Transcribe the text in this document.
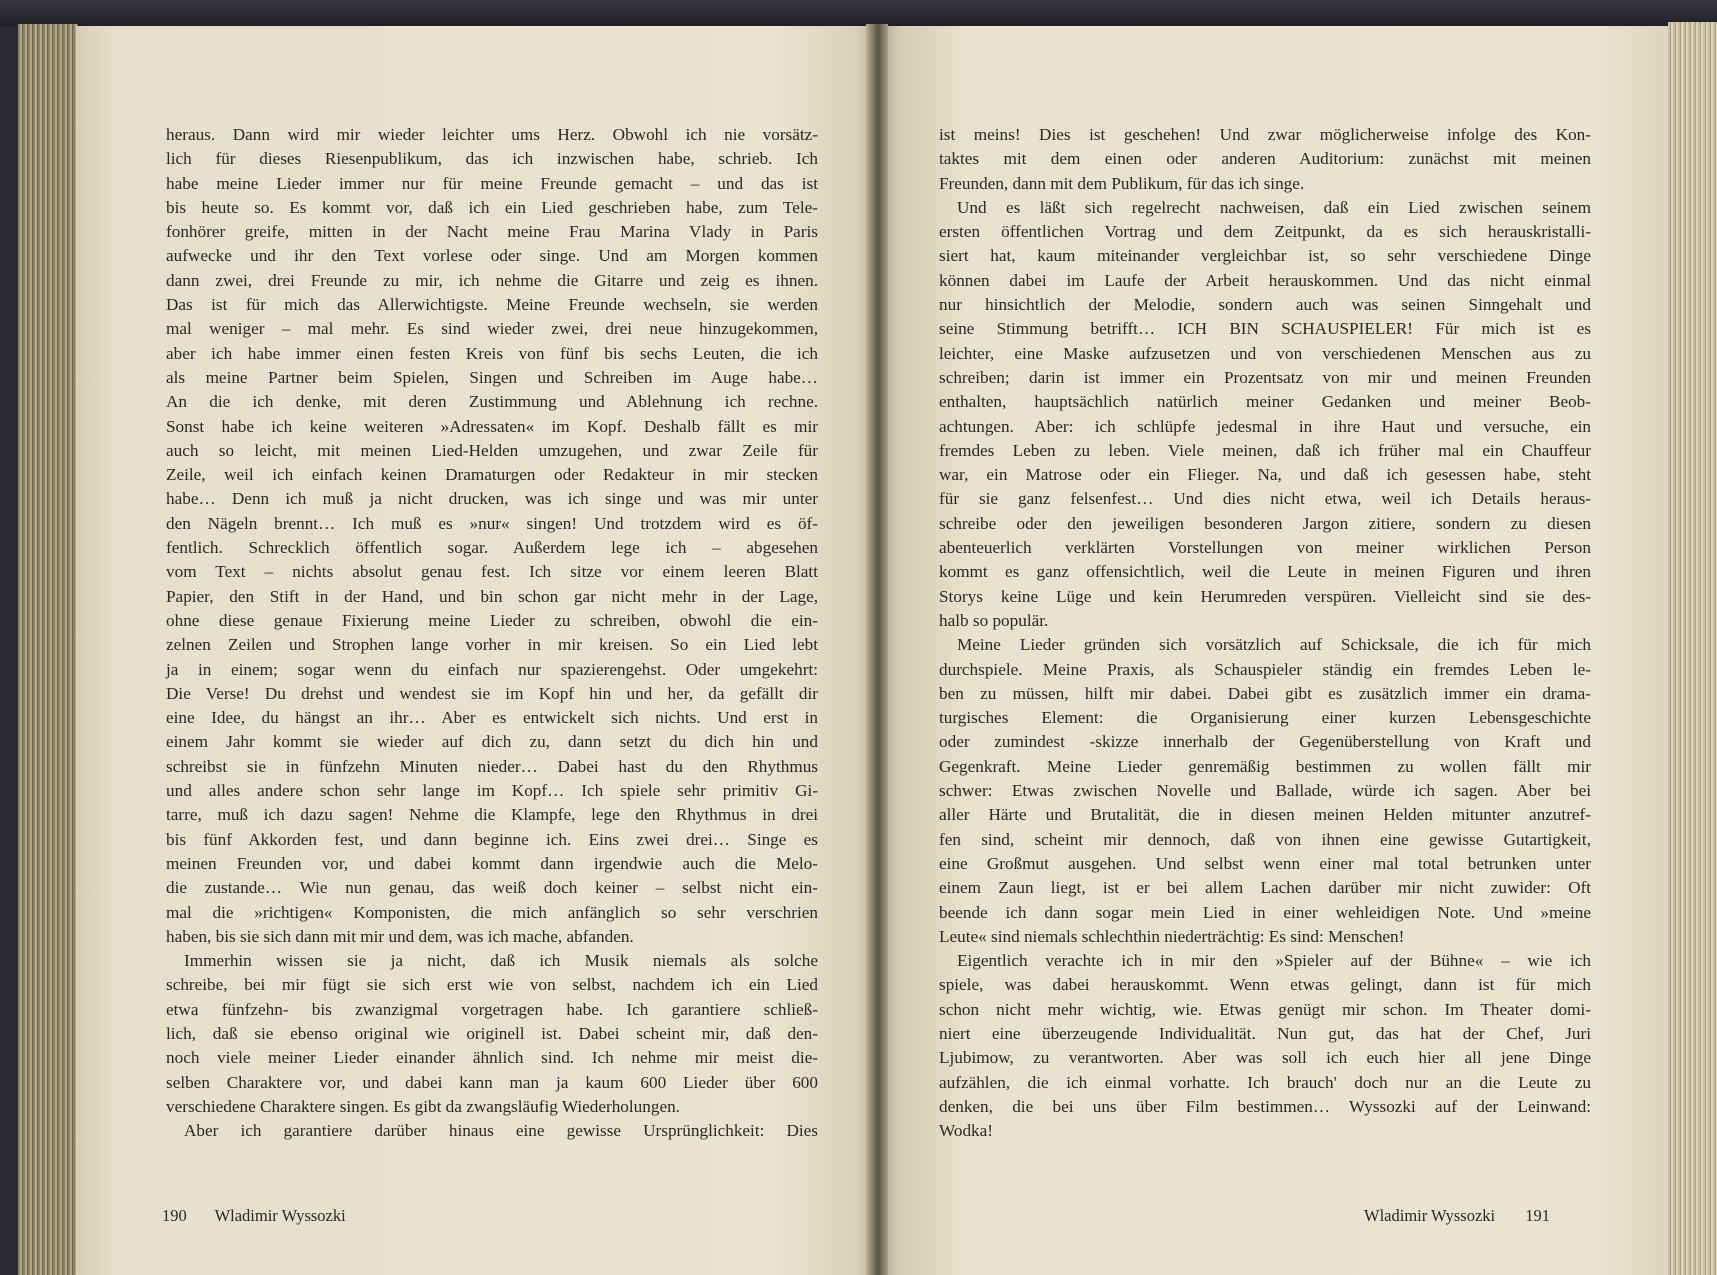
heraus. Dann wird mir wieder leichter ums Herz. Obwohl ich nie vorsätz-
lich für dieses Riesenpublikum, das ich inzwischen habe, schrieb. Ich
habe meine Lieder immer nur für meine Freunde gemacht – und das ist
bis heute so. Es kommt vor, daß ich ein Lied geschrieben habe, zum Tele-
fonhörer greife, mitten in der Nacht meine Frau Marina Vlady in Paris
aufwecke und ihr den Text vorlese oder singe. Und am Morgen kommen
dann zwei, drei Freunde zu mir, ich nehme die Gitarre und zeig es ihnen.
Das ist für mich das Allerwichtigste. Meine Freunde wechseln, sie werden
mal weniger – mal mehr. Es sind wieder zwei, drei neue hinzugekommen,
aber ich habe immer einen festen Kreis von fünf bis sechs Leuten, die ich
als meine Partner beim Spielen, Singen und Schreiben im Auge habe…
An die ich denke, mit deren Zustimmung und Ablehnung ich rechne.
Sonst habe ich keine weiteren »Adressaten« im Kopf. Deshalb fällt es mir
auch so leicht, mit meinen Lied-Helden umzugehen, und zwar Zeile für
Zeile, weil ich einfach keinen Dramaturgen oder Redakteur in mir stecken
habe… Denn ich muß ja nicht drucken, was ich singe und was mir unter
den Nägeln brennt… Ich muß es »nur« singen! Und trotzdem wird es öf-
fentlich. Schrecklich öffentlich sogar. Außerdem lege ich – abgesehen
vom Text – nichts absolut genau fest. Ich sitze vor einem leeren Blatt
Papier, den Stift in der Hand, und bin schon gar nicht mehr in der Lage,
ohne diese genaue Fixierung meine Lieder zu schreiben, obwohl die ein-
zelnen Zeilen und Strophen lange vorher in mir kreisen. So ein Lied lebt
ja in einem; sogar wenn du einfach nur spazierengehst. Oder umgekehrt:
Die Verse! Du drehst und wendest sie im Kopf hin und her, da gefällt dir
eine Idee, du hängst an ihr… Aber es entwickelt sich nichts. Und erst in
einem Jahr kommt sie wieder auf dich zu, dann setzt du dich hin und
schreibst sie in fünfzehn Minuten nieder… Dabei hast du den Rhythmus
und alles andere schon sehr lange im Kopf… Ich spiele sehr primitiv Gi-
tarre, muß ich dazu sagen! Nehme die Klampfe, lege den Rhythmus in drei
bis fünf Akkorden fest, und dann beginne ich. Eins zwei drei… Singe es
meinen Freunden vor, und dabei kommt dann irgendwie auch die Melo-
die zustande… Wie nun genau, das weiß doch keiner – selbst nicht ein-
mal die »richtigen« Komponisten, die mich anfänglich so sehr verschrien
haben, bis sie sich dann mit mir und dem, was ich mache, abfanden.
Immerhin wissen sie ja nicht, daß ich Musik niemals als solche
schreibe, bei mir fügt sie sich erst wie von selbst, nachdem ich ein Lied
etwa fünfzehn- bis zwanzigmal vorgetragen habe. Ich garantiere schließ-
lich, daß sie ebenso original wie originell ist. Dabei scheint mir, daß den-
noch viele meiner Lieder einander ähnlich sind. Ich nehme mir meist die-
selben Charaktere vor, und dabei kann man ja kaum 600 Lieder über 600
verschiedene Charaktere singen. Es gibt da zwangsläufig Wiederholungen.
Aber ich garantiere darüber hinaus eine gewisse Ursprünglichkeit: Dies
190 Wladimir Wyssozki
ist meins! Dies ist geschehen! Und zwar möglicherweise infolge des Kon-
taktes mit dem einen oder anderen Auditorium: zunächst mit meinen
Freunden, dann mit dem Publikum, für das ich singe.
Und es läßt sich regelrecht nachweisen, daß ein Lied zwischen seinem
ersten öffentlichen Vortrag und dem Zeitpunkt, da es sich herauskristalli-
siert hat, kaum miteinander vergleichbar ist, so sehr verschiedene Dinge
können dabei im Laufe der Arbeit herauskommen. Und das nicht einmal
nur hinsichtlich der Melodie, sondern auch was seinen Sinngehalt und
seine Stimmung betrifft… ICH BIN SCHAUSPIELER! Für mich ist es
leichter, eine Maske aufzusetzen und von verschiedenen Menschen aus zu
schreiben; darin ist immer ein Prozentsatz von mir und meinen Freunden
enthalten, hauptsächlich natürlich meiner Gedanken und meiner Beob-
achtungen. Aber: ich schlüpfe jedesmal in ihre Haut und versuche, ein
fremdes Leben zu leben. Viele meinen, daß ich früher mal ein Chauffeur
war, ein Matrose oder ein Flieger. Na, und daß ich gesessen habe, steht
für sie ganz felsenfest… Und dies nicht etwa, weil ich Details heraus-
schreibe oder den jeweiligen besonderen Jargon zitiere, sondern zu diesen
abenteuerlich verklärten Vorstellungen von meiner wirklichen Person
kommt es ganz offensichtlich, weil die Leute in meinen Figuren und ihren
Storys keine Lüge und kein Herumreden verspüren. Vielleicht sind sie des-
halb so populär.
Meine Lieder gründen sich vorsätzlich auf Schicksale, die ich für mich
durchspiele. Meine Praxis, als Schauspieler ständig ein fremdes Leben le-
ben zu müssen, hilft mir dabei. Dabei gibt es zusätzlich immer ein drama-
turgisches Element: die Organisierung einer kurzen Lebensgeschichte
oder zumindest -skizze innerhalb der Gegenüberstellung von Kraft und
Gegenkraft. Meine Lieder genremäßig bestimmen zu wollen fällt mir
schwer: Etwas zwischen Novelle und Ballade, würde ich sagen. Aber bei
aller Härte und Brutalität, die in diesen meinen Helden mitunter anzutref-
fen sind, scheint mir dennoch, daß von ihnen eine gewisse Gutartigkeit,
eine Großmut ausgehen. Und selbst wenn einer mal total betrunken unter
einem Zaun liegt, ist er bei allem Lachen darüber mir nicht zuwider: Oft
beende ich dann sogar mein Lied in einer wehleidigen Note. Und »meine
Leute« sind niemals schlechthin niederträchtig: Es sind: Menschen!
Eigentlich verachte ich in mir den »Spieler auf der Bühne« – wie ich
spiele, was dabei herauskommt. Wenn etwas gelingt, dann ist für mich
schon nicht mehr wichtig, wie. Etwas genügt mir schon. Im Theater domi-
niert eine überzeugende Individualität. Nun gut, das hat der Chef, Juri
Ljubimow, zu verantworten. Aber was soll ich euch hier all jene Dinge
aufzählen, die ich einmal vorhatte. Ich brauch' doch nur an die Leute zu
denken, die bei uns über Film bestimmen… Wyssozki auf der Leinwand:
Wodka!
Wladimir Wyssozki 191
